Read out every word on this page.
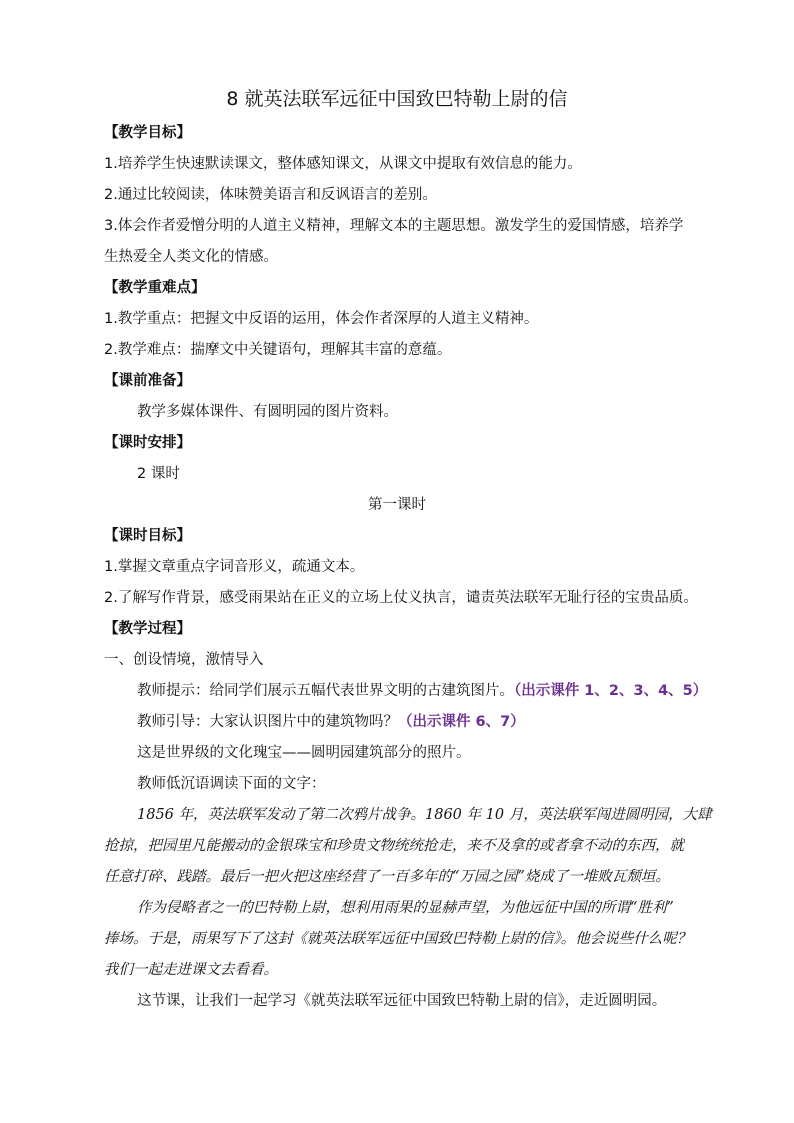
8 就英法联军远征中国致巴特勒上尉的信
【教学目标】
1.培养学生快速默读课文，整体感知课文，从课文中提取有效信息的能力。
2.通过比较阅读，体味赞美语言和反讽语言的差别。
3.体会作者爱憎分明的人道主义精神，理解文本的主题思想。激发学生的爱国情感，培养学
生热爱全人类文化的情感。
【教学重难点】
1.教学重点：把握文中反语的运用，体会作者深厚的人道主义精神。
2.教学难点：揣摩文中关键语句，理解其丰富的意蕴。
【课前准备】
教学多媒体课件、有圆明园的图片资料。
【课时安排】
2 课时
第一课时
【课时目标】
1.掌握文章重点字词音形义，疏通文本。
2.了解写作背景，感受雨果站在正义的立场上仗义执言，谴责英法联军无耻行径的宝贵品质。
【教学过程】
一、创设情境，激情导入
教师提示：给同学们展示五幅代表世界文明的古建筑图片。（出示课件 1、2、3、4、5）
教师引导：大家认识图片中的建筑物吗？（出示课件 6、7）
这是世界级的文化瑰宝——圆明园建筑部分的照片。
教师低沉语调读下面的文字：
1856 年，英法联军发动了第二次鸦片战争。1860 年 10 月，英法联军闯进圆明园，大肆
抢掠，把园里凡能搬动的金银珠宝和珍贵文物统统抢走，来不及拿的或者拿不动的东西，就
任意打碎、践踏。最后一把火把这座经营了一百多年的“万园之园”烧成了一堆败瓦颓垣。
作为侵略者之一的巴特勒上尉，想利用雨果的显赫声望，为他远征中国的所谓“胜利”
捧场。于是，雨果写下了这封《就英法联军远征中国致巴特勒上尉的信》。他会说些什么呢？
我们一起走进课文去看看。
这节课，让我们一起学习《就英法联军远征中国致巴特勒上尉的信》，走近圆明园。
